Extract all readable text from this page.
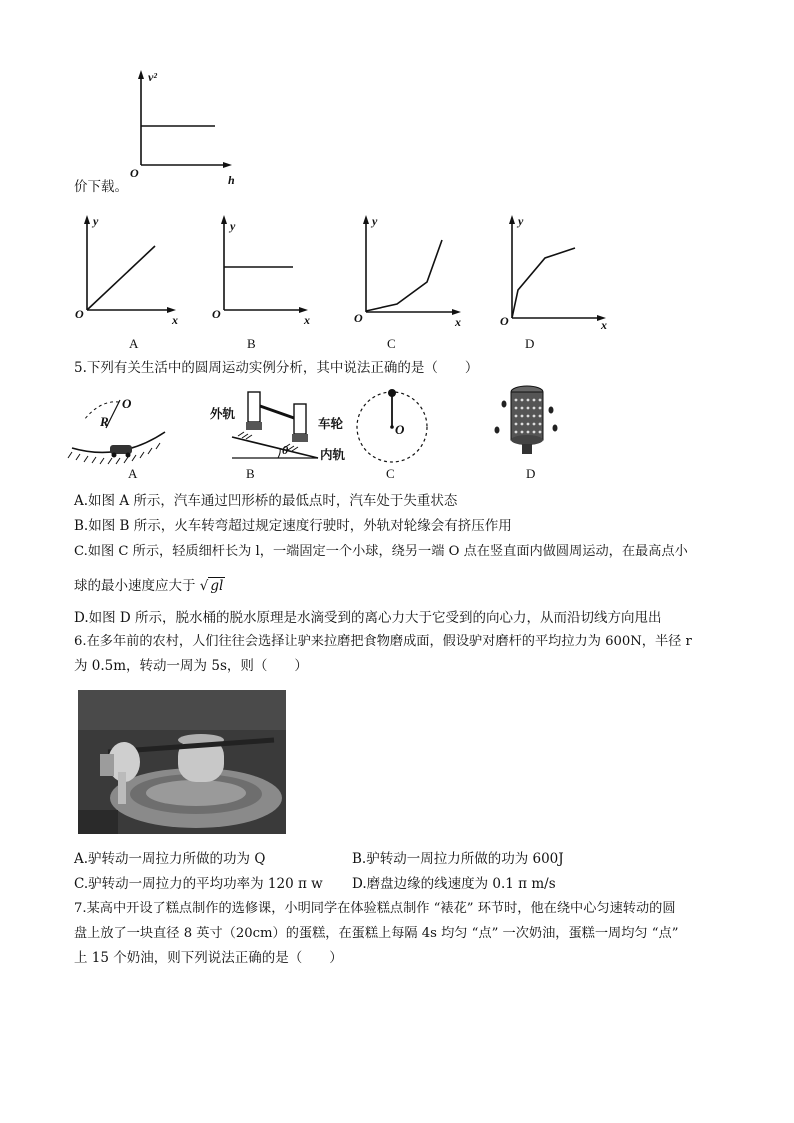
v²
O	h
价下载。
y
O	x
A
y
O	x
B
y
O	x
C
y
O	x
D
5.下列有关生活中的圆周运动实例分析，其中说法正确的是（　　）
O
R
A
外轨
车轮
内轨
θ
B
O
C	D
A.如图 A 所示，汽车通过凹形桥的最低点时，汽车处于失重状态
B.如图 B 所示，火车转弯超过规定速度行驶时，外轨对轮缘会有挤压作用
C.如图 C 所示，轻质细杆长为 l，一端固定一个小球，绕另一端 O 点在竖直面内做圆周运动，在最高点小
球的最小速度应大于 √ gl
D.如图 D 所示，脱水桶的脱水原理是水滴受到的离心力大于它受到的向心力，从而沿切线方向甩出
6.在多年前的农村，人们往往会选择让驴来拉磨把食物磨成面，假设驴对磨杆的平均拉力为 600N，半径 r
为 0.5m，转动一周为 5s，则（　　）
A.驴转动一周拉力所做的功为 Q	B.驴转动一周拉力所做的功为 600J
C.驴转动一周拉力的平均功率为 120 π w D.磨盘边缘的线速度为 0.1 π m/s
7.某高中开设了糕点制作的选修课，小明同学在体验糕点制作 “裱花” 环节时，他在绕中心匀速转动的圆
盘上放了一块直径 8 英寸（20cm）的蛋糕，在蛋糕上每隔 4s 均匀 “点” 一次奶油，蛋糕一周均匀 “点”
上 15 个奶油，则下列说法正确的是（　　）
